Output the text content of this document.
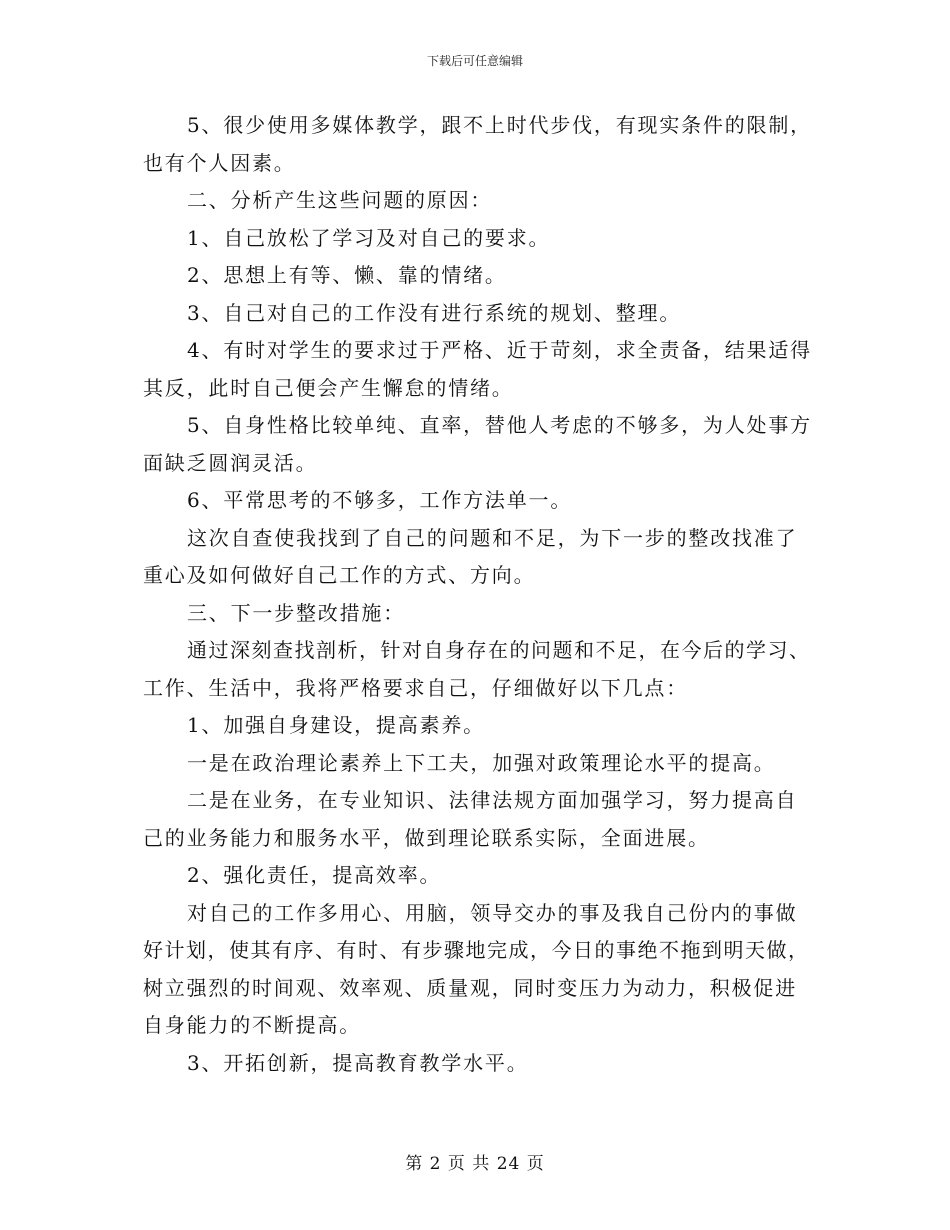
下载后可任意编辑
5、很少使用多媒体教学，跟不上时代步伐，有现实条件的限制，
也有个人因素。
二、分析产生这些问题的原因：
1、自己放松了学习及对自己的要求。
2、思想上有等、懒、靠的情绪。
3、自己对自己的工作没有进行系统的规划、整理。
4、有时对学生的要求过于严格、近于苛刻，求全责备，结果适得
其反，此时自己便会产生懈怠的情绪。
5、自身性格比较单纯、直率，替他人考虑的不够多，为人处事方
面缺乏圆润灵活。
6、平常思考的不够多，工作方法单一。
这次自查使我找到了自己的问题和不足，为下一步的整改找准了
重心及如何做好自己工作的方式、方向。
三、下一步整改措施：
通过深刻查找剖析，针对自身存在的问题和不足，在今后的学习、
工作、生活中，我将严格要求自己，仔细做好以下几点：
1、加强自身建设，提高素养。
一是在政治理论素养上下工夫，加强对政策理论水平的提高。
二是在业务，在专业知识、法律法规方面加强学习，努力提高自
己的业务能力和服务水平，做到理论联系实际，全面进展。
2、强化责任，提高效率。
对自己的工作多用心、用脑，领导交办的事及我自己份内的事做
好计划，使其有序、有时、有步骤地完成，今日的事绝不拖到明天做，
树立强烈的时间观、效率观、质量观，同时变压力为动力，积极促进
自身能力的不断提高。
3、开拓创新，提高教育教学水平。
第 2 页 共 24 页
